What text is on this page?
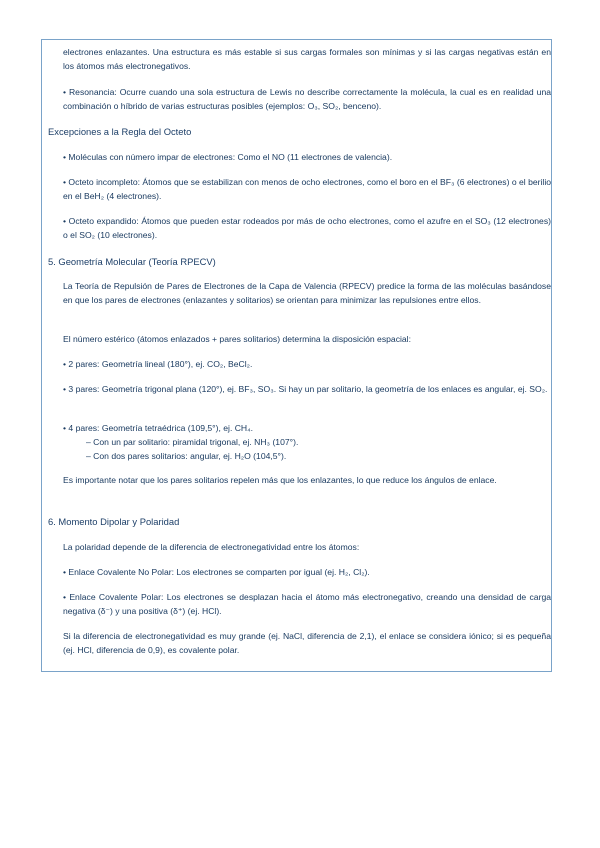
electrones enlazantes. Una estructura es más estable si sus cargas formales son mínimas y si las cargas negativas están en los átomos más electronegativos.
• Resonancia: Ocurre cuando una sola estructura de Lewis no describe correctamente la molécula, la cual es en realidad una combinación o híbrido de varias estructuras posibles (ejemplos: O₃, SO₂, benceno).
Excepciones a la Regla del Octeto
• Moléculas con número impar de electrones: Como el NO (11 electrones de valencia).
• Octeto incompleto: Átomos que se estabilizan con menos de ocho electrones, como el boro en el BF₃ (6 electrones) o el berilio en el BeH₂ (4 electrones).
• Octeto expandido: Átomos que pueden estar rodeados por más de ocho electrones, como el azufre en el SO₃ (12 electrones) o el SO₂ (10 electrones).
5. Geometría Molecular (Teoría RPECV)
La Teoría de Repulsión de Pares de Electrones de la Capa de Valencia (RPECV) predice la forma de las moléculas basándose en que los pares de electrones (enlazantes y solitarios) se orientan para minimizar las repulsiones entre ellos.
El número estérico (átomos enlazados + pares solitarios) determina la disposición espacial:
• 2 pares: Geometría lineal (180°), ej. CO₂, BeCl₂.
• 3 pares: Geometría trigonal plana (120°), ej. BF₃, SO₃. Si hay un par solitario, la geometría de los enlaces es angular, ej. SO₂.
• 4 pares: Geometría tetraédrica (109,5°), ej. CH₄.
– Con un par solitario: piramidal trigonal, ej. NH₃ (107°).
– Con dos pares solitarios: angular, ej. H₂O (104,5°).
Es importante notar que los pares solitarios repelen más que los enlazantes, lo que reduce los ángulos de enlace.
6. Momento Dipolar y Polaridad
La polaridad depende de la diferencia de electronegatividad entre los átomos:
• Enlace Covalente No Polar: Los electrones se comparten por igual (ej. H₂, Cl₂).
• Enlace Covalente Polar: Los electrones se desplazan hacia el átomo más electronegativo, creando una densidad de carga negativa (δ⁻) y una positiva (δ⁺) (ej. HCl).
Si la diferencia de electronegatividad es muy grande (ej. NaCl, diferencia de 2,1), el enlace se considera iónico; si es pequeña (ej. HCl, diferencia de 0,9), es covalente polar.
